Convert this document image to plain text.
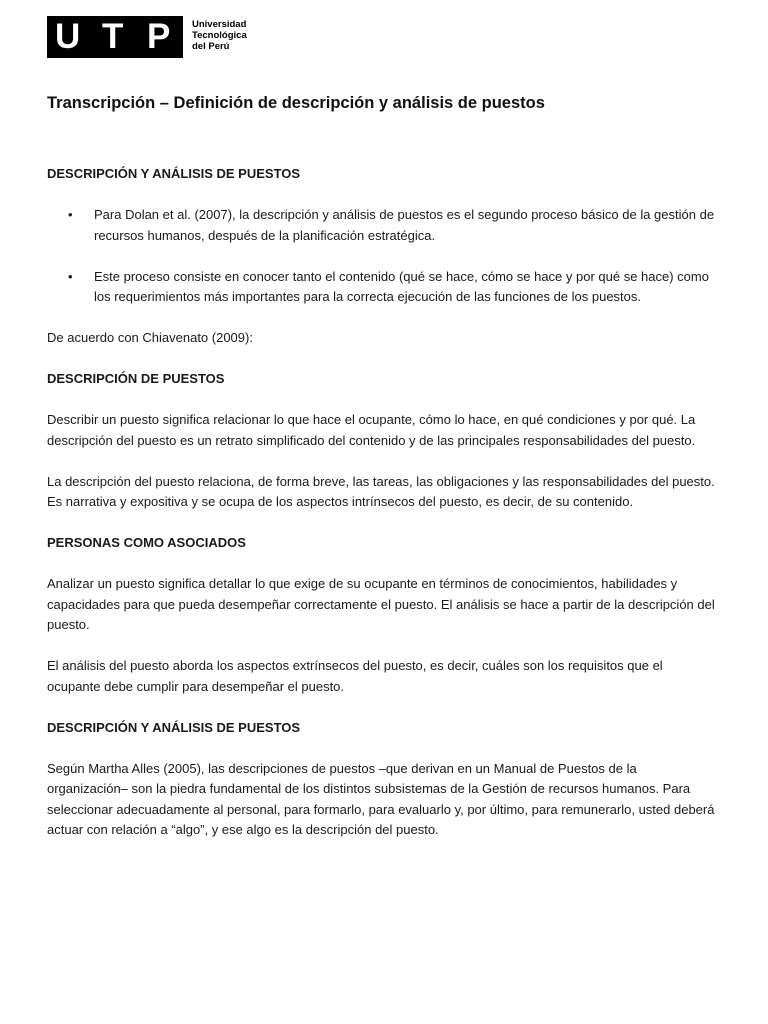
U T P Universidad
Tecnológica
del Perú
Transcripción – Definición de descripción y análisis de puestos

DESCRIPCIÓN Y ANÁLISIS DE PUESTOS

• Para Dolan et al. (2007), la descripción y análisis de puestos es el segundo proceso básico de la gestión de recursos humanos, después de la planificación estratégica.
• Este proceso consiste en conocer tanto el contenido (qué se hace, cómo se hace y por qué se hace) como los requerimientos más importantes para la correcta ejecución de las funciones de los puestos.

De acuerdo con Chiavenato (2009):

DESCRIPCIÓN DE PUESTOS

Describir un puesto significa relacionar lo que hace el ocupante, cómo lo hace, en qué condiciones y por qué. La descripción del puesto es un retrato simplificado del contenido y de las principales responsabilidades del puesto.

La descripción del puesto relaciona, de forma breve, las tareas, las obligaciones y las responsabilidades del puesto. Es narrativa y expositiva y se ocupa de los aspectos intrínsecos del puesto, es decir, de su contenido.

PERSONAS COMO ASOCIADOS

Analizar un puesto significa detallar lo que exige de su ocupante en términos de conocimientos, habilidades y capacidades para que pueda desempeñar correctamente el puesto. El análisis se hace a partir de la descripción del puesto.

El análisis del puesto aborda los aspectos extrínsecos del puesto, es decir, cuáles son los requisitos que el ocupante debe cumplir para desempeñar el puesto.

DESCRIPCIÓN Y ANÁLISIS DE PUESTOS

Según Martha Alles (2005), las descripciones de puestos –que derivan en un Manual de Puestos de la organización– son la piedra fundamental de los distintos subsistemas de la Gestión de recursos humanos. Para seleccionar adecuadamente al personal, para formarlo, para evaluarlo y, por último, para remunerarlo, usted deberá actuar con relación a “algo”, y ese algo es la descripción del puesto.
